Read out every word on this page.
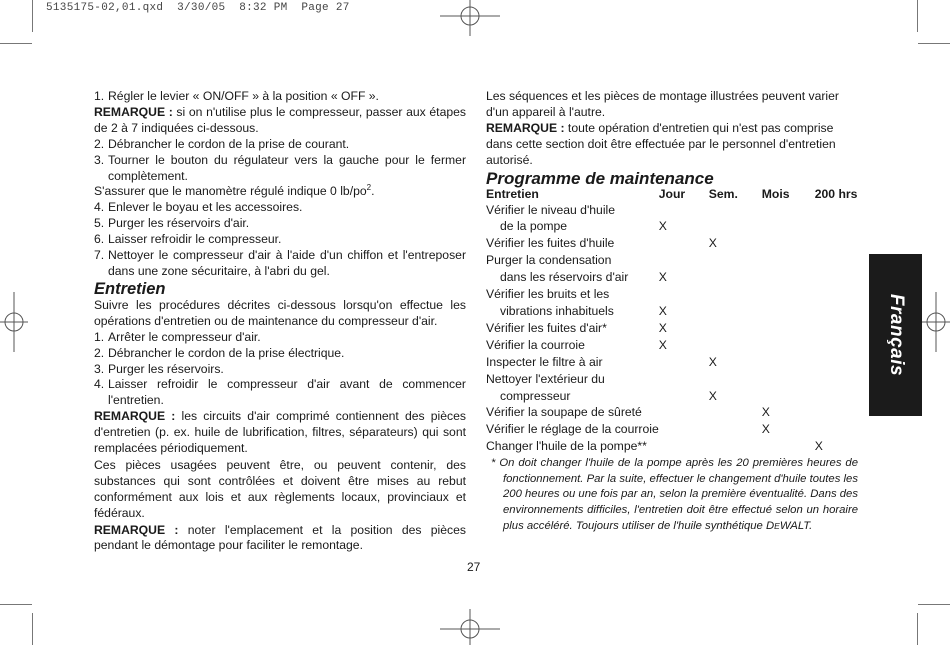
5135175-02,01.qxd  3/30/05  8:32 PM  Page 27
1. Régler le levier « ON/OFF » à la position « OFF ».

REMARQUE : si on n'utilise plus le compresseur, passer aux étapes de 2 à 7 indiquées ci-dessous.

2. Débrancher le cordon de la prise de courant.
3. Tourner le bouton du régulateur vers la gauche pour le fermer complètement.

S'assurer que le manomètre régulé indique 0 $lb/po^2$.

4. Enlever le boyau et les accessoires.
5. Purger les réservoirs d'air.
6. Laisser refroidir le compresseur.
7. Nettoyer le compresseur d'air à l'aide d'un chiffon et l'entreposer dans une zone sécuritaire, à l'abri du gel.
Entretien

Suivre les procédures décrites ci-dessous lorsqu'on effectue les opérations d'entretien ou de maintenance du compresseur d'air.

1. Arrêter le compresseur d'air.
2. Débrancher le cordon de la prise électrique.
3. Purger les réservoirs.
4. Laisser refroidir le compresseur d'air avant de commencer l'entretien.

REMARQUE : les circuits d'air comprimé contiennent des pièces d'entretien (p. ex. huile de lubrification, filtres, séparateurs) qui sont remplacées périodiquement.

Ces pièces usagées peuvent être, ou peuvent contenir, des substances qui sont contrôlées et doivent être mises au rebut conformément aux lois et aux règlements locaux, provinciaux et fédéraux.

REMARQUE : noter l'emplacement et la position des pièces pendant le démontage pour faciliter le remontage.

Les séquences et les pièces de montage illustrées peuvent varier d'un appareil à l'autre.

REMARQUE : toute opération d'entretien qui n'est pas comprise dans cette section doit être effectuée par le personnel d'entretien autorisé.

Programme de maintenance
Entretien	Jour	Sem.	Mois	200 hrs
Vérifier le niveau d'huile				
de la pompe	X			
Vérifier les fuites d'huile		X		
Purger la condensation				
dans les réservoirs d'air	X			
Vérifier les bruits et les				
vibrations inhabituels	X			
Vérifier les fuites d'air*	X			
Vérifier la courroie	X			
Inspecter le filtre à air		X		
Nettoyer l'extérieur du				
compresseur		X		
Vérifier la soupape de sûreté			X	
Vérifier le réglage de la courroie			X	
Changer l'huile de la pompe**				X

* On doit changer l'huile de la pompe après les 20 premières heures de fonctionnement. Par la suite, effectuer le changement d'huile toutes les 200 heures ou une fois par an, selon la première éventualité. Dans des environnements difficiles, l'entretien doit être effectué selon un horaire plus accéléré. Toujours utiliser de l'huile synthétique DEWALT.

Français
27
